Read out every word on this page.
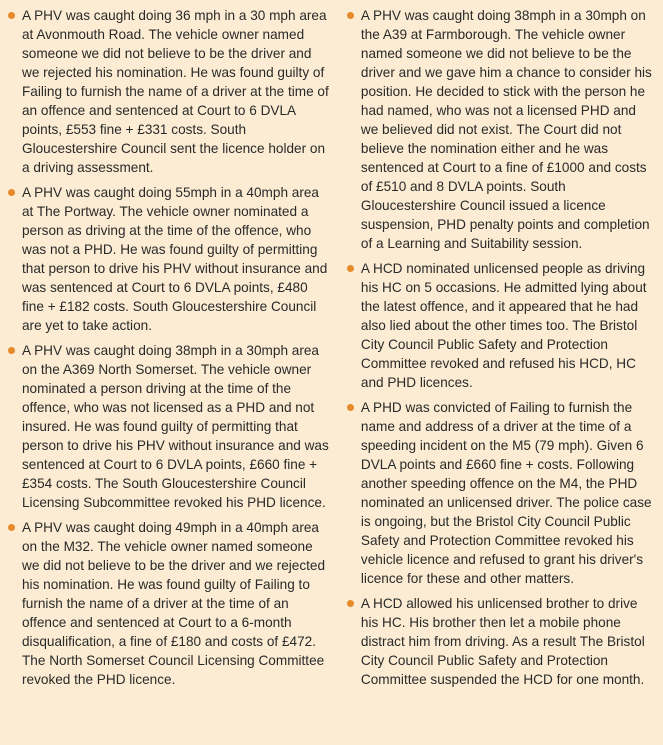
A PHV was caught doing 36 mph in a 30 mph area at Avonmouth Road. The vehicle owner named someone we did not believe to be the driver and we rejected his nomination. He was found guilty of Failing to furnish the name of a driver at the time of an offence and sentenced at Court to 6 DVLA points, £553 fine + £331 costs. South Gloucestershire Council sent the licence holder on a driving assessment.
A PHV was caught doing 55mph in a 40mph area at The Portway. The vehicle owner nominated a person as driving at the time of the offence, who was not a PHD. He was found guilty of permitting that person to drive his PHV without insurance and was sentenced at Court to 6 DVLA points, £480 fine + £182 costs. South Gloucestershire Council are yet to take action.
A PHV was caught doing 38mph in a 30mph area on the A369 North Somerset. The vehicle owner nominated a person driving at the time of the offence, who was not licensed as a PHD and not insured. He was found guilty of permitting that person to drive his PHV without insurance and was sentenced at Court to 6 DVLA points, £660 fine + £354 costs. The South Gloucestershire Council Licensing Subcommittee revoked his PHD licence.
A PHV was caught doing 49mph in a 40mph area on the M32. The vehicle owner named someone we did not believe to be the driver and we rejected his nomination. He was found guilty of Failing to furnish the name of a driver at the time of an offence and sentenced at Court to a 6-month disqualification, a fine of £180 and costs of £472. The North Somerset Council Licensing Committee revoked the PHD licence.
A PHV was caught doing 38mph in a 30mph on the A39 at Farmborough. The vehicle owner named someone we did not believe to be the driver and we gave him a chance to consider his position. He decided to stick with the person he had named, who was not a licensed PHD and we believed did not exist. The Court did not believe the nomination either and he was sentenced at Court to a fine of £1000 and costs of £510 and 8 DVLA points. South Gloucestershire Council issued a licence suspension, PHD penalty points and completion of a Learning and Suitability session.
A HCD nominated unlicensed people as driving his HC on 5 occasions. He admitted lying about the latest offence, and it appeared that he had also lied about the other times too. The Bristol City Council Public Safety and Protection Committee revoked and refused his HCD, HC and PHD licences.
A PHD was convicted of Failing to furnish the name and address of a driver at the time of a speeding incident on the M5 (79 mph). Given 6 DVLA points and £660 fine + costs. Following another speeding offence on the M4, the PHD nominated an unlicensed driver. The police case is ongoing, but the Bristol City Council Public Safety and Protection Committee revoked his vehicle licence and refused to grant his driver's licence for these and other matters.
A HCD allowed his unlicensed brother to drive his HC. His brother then let a mobile phone distract him from driving. As a result The Bristol City Council Public Safety and Protection Committee suspended the HCD for one month.
